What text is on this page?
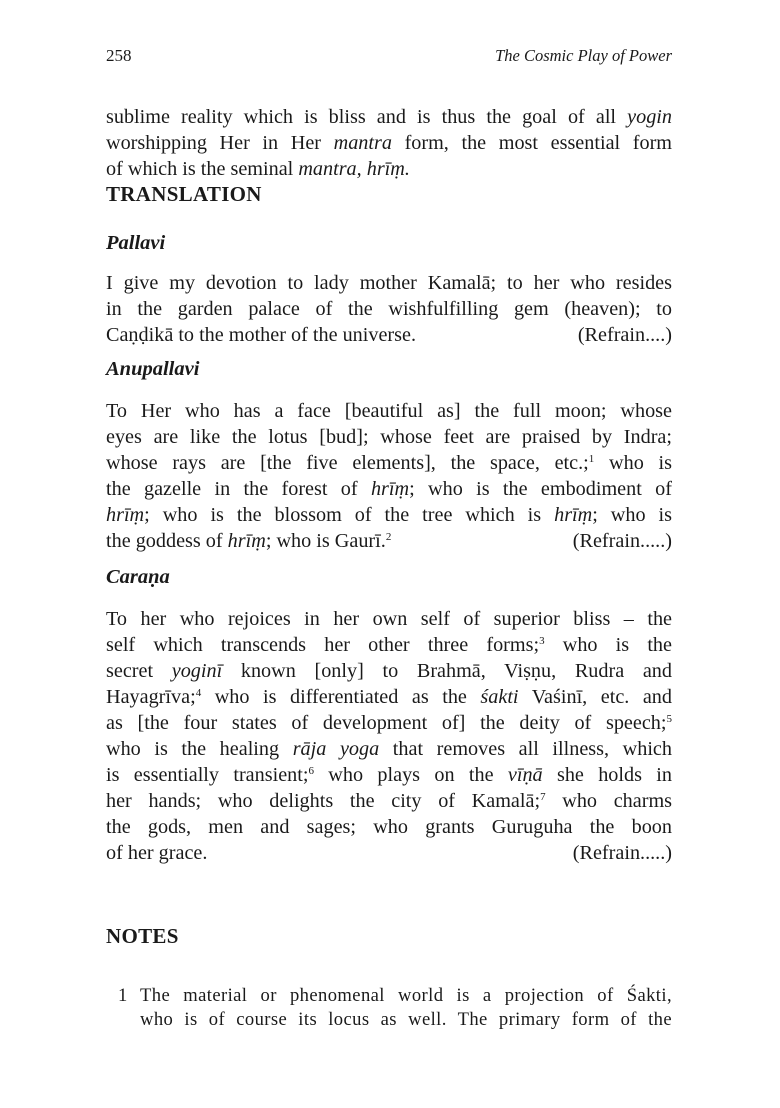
258	The Cosmic Play of Power
sublime reality which is bliss and is thus the goal of all yogin
worshipping Her in Her mantra form, the most essential form
of which is the seminal mantra, hrīṃ.
TRANSLATION
Pallavi
I give my devotion to lady mother Kamalā; to her who resides
in the garden palace of the wishfulfilling gem (heaven); to
Caṇḍikā to the mother of the universe.	(Refrain....)
Anupallavi
To Her who has a face [beautiful as] the full moon; whose
eyes are like the lotus [bud]; whose feet are praised by Indra;
whose rays are [the five elements], the space, etc.;$^1$ who is
the gazelle in the forest of hrīṃ; who is the embodiment of
hrīṃ; who is the blossom of the tree which is hrīṃ; who is
the goddess of hrīṃ; who is Gaurī.$^2$	(Refrain.....)
Caraṇa
To her who rejoices in her own self of superior bliss – the
self which transcends her other three forms;$^3$ who is the
secret yoginī known [only] to Brahmā, Viṣṇu, Rudra and
Hayagrīva;$^4$ who is differentiated as the śakti Vaśinī, etc. and
as [the four states of development of] the deity of speech;$^5$
who is the healing rāja yoga that removes all illness, which
is essentially transient;$^6$ who plays on the vīṇā she holds in
her hands; who delights the city of Kamalā;$^7$ who charms
the gods, men and sages; who grants Guruguha the boon
of her grace.	(Refrain.....)
NOTES
1 The material or phenomenal world is a projection of Śakti,
who is of course its locus as well. The primary form of the
